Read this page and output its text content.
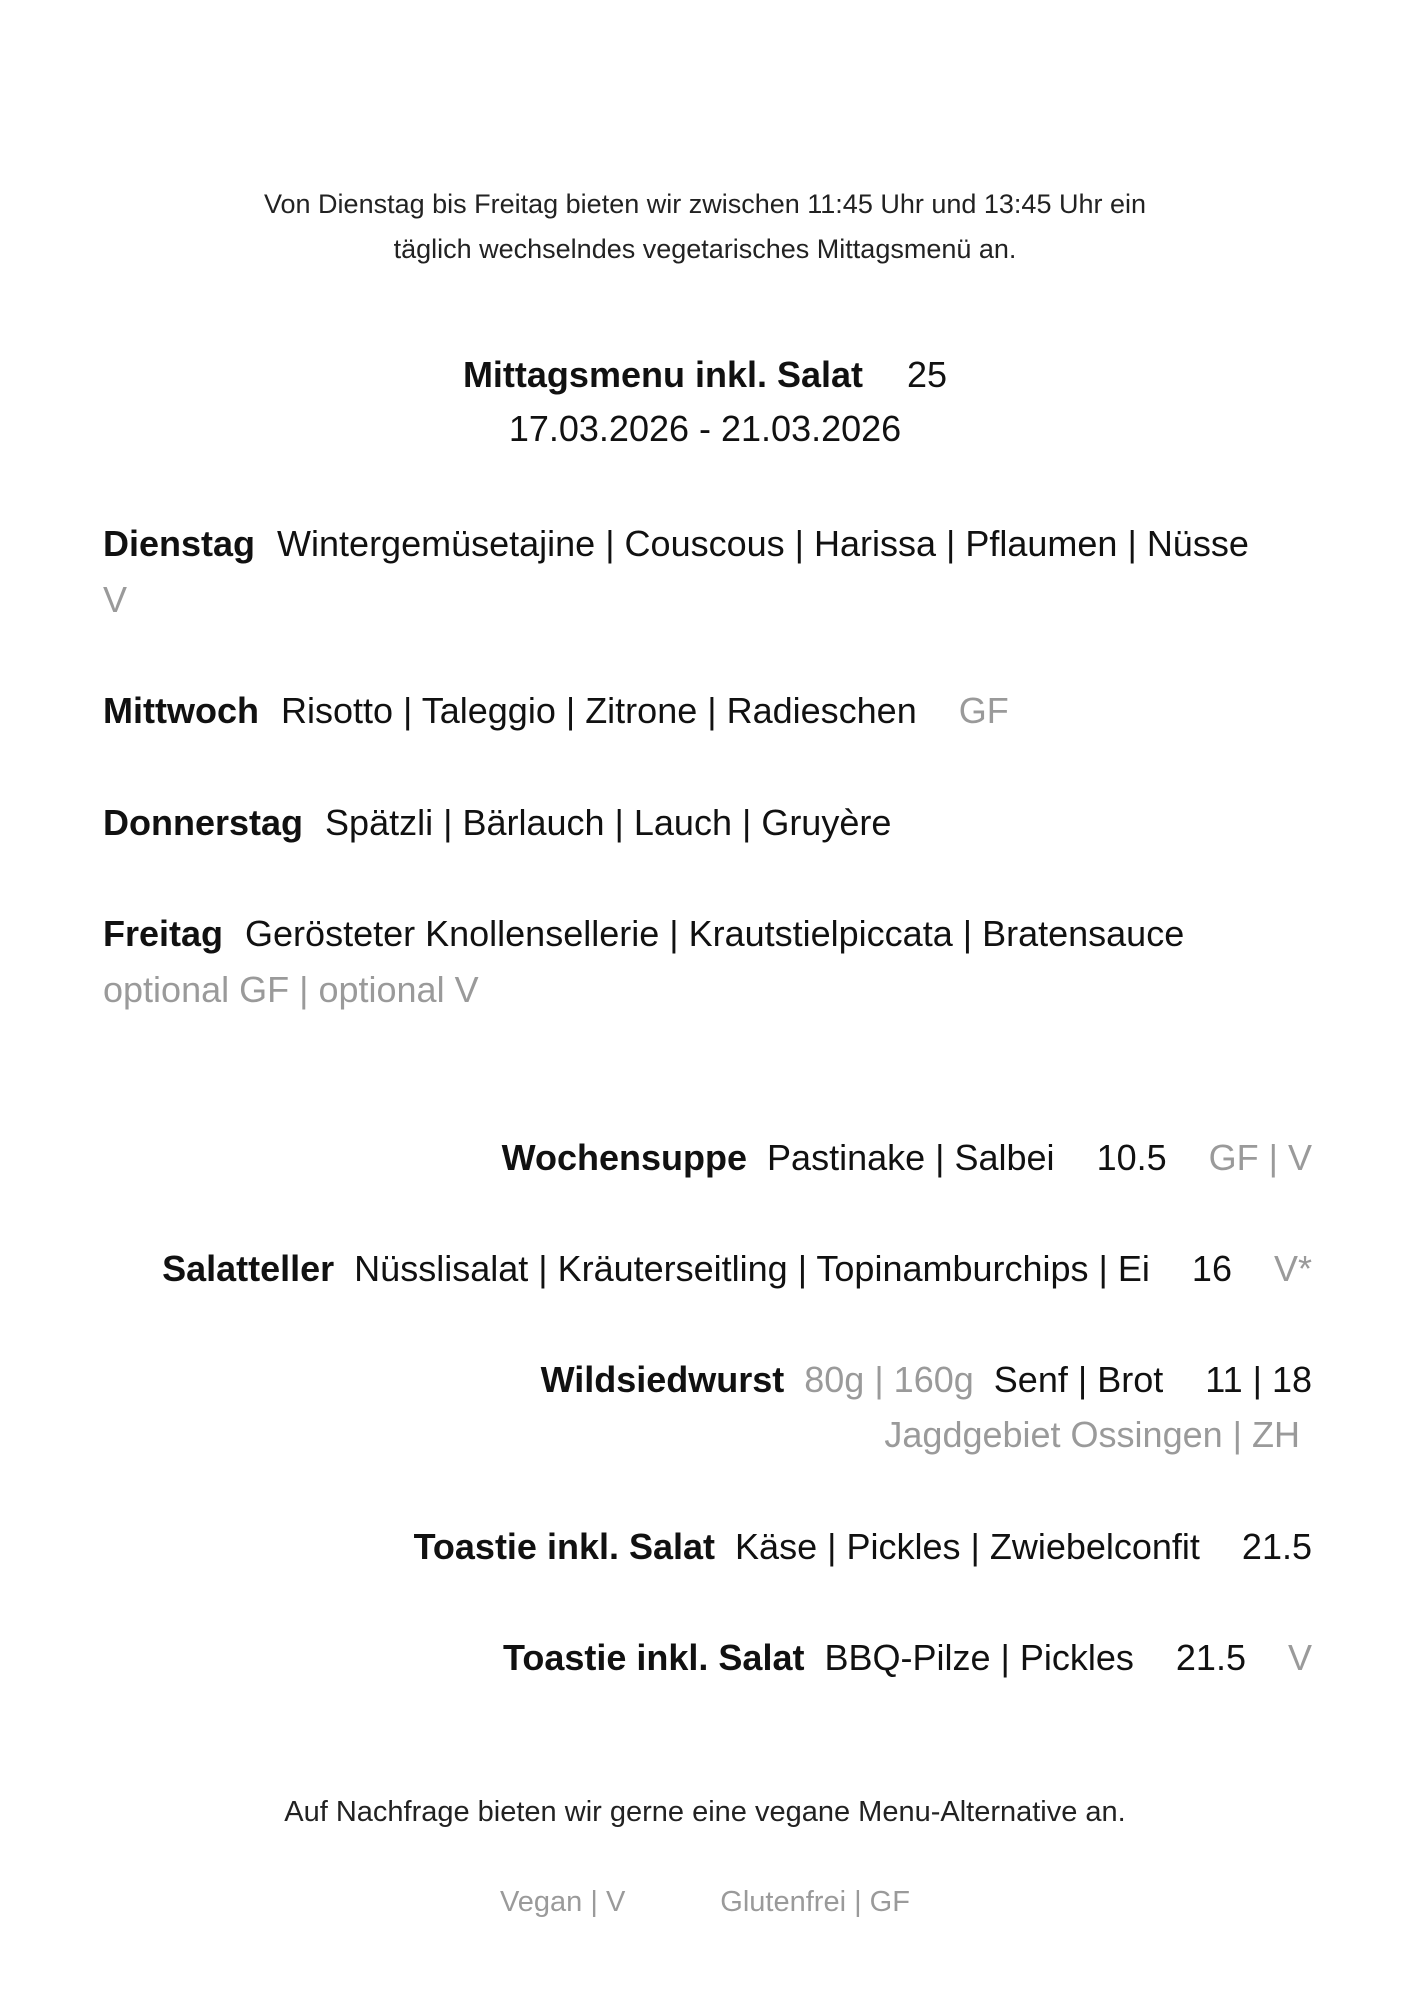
Von Dienstag bis Freitag bieten wir zwischen 11:45 Uhr und 13:45 Uhr ein
täglich wechselndes vegetarisches Mittagsmenü an.
Mittagsmenu inkl. Salat 25
17.03.2026 - 21.03.2026
Dienstag Wintergemüsetajine | Couscous | Harissa | Pflaumen | Nüsse
V
Mittwoch Risotto | Taleggio | Zitrone | Radieschen GF
Donnerstag Spätzli | Bärlauch | Lauch | Gruyère
Freitag Gerösteter Knollensellerie | Krautstielpiccata | Bratensauce
optional GF | optional V
Wochensuppe Pastinake | Salbei 10.5 GF | V
Salatteller Nüsslisalat | Kräuterseitling | Topinamburchips | Ei 16 V*
Wildsiedwurst 80g | 160g Senf | Brot 11 | 18
Jagdgebiet Ossingen | ZH
Toastie inkl. Salat Käse | Pickles | Zwiebelconfit 21.5
Toastie inkl. Salat BBQ-Pilze | Pickles 21.5 V
Auf Nachfrage bieten wir gerne eine vegane Menu-Alternative an.
Vegan | V	Glutenfrei | GF
